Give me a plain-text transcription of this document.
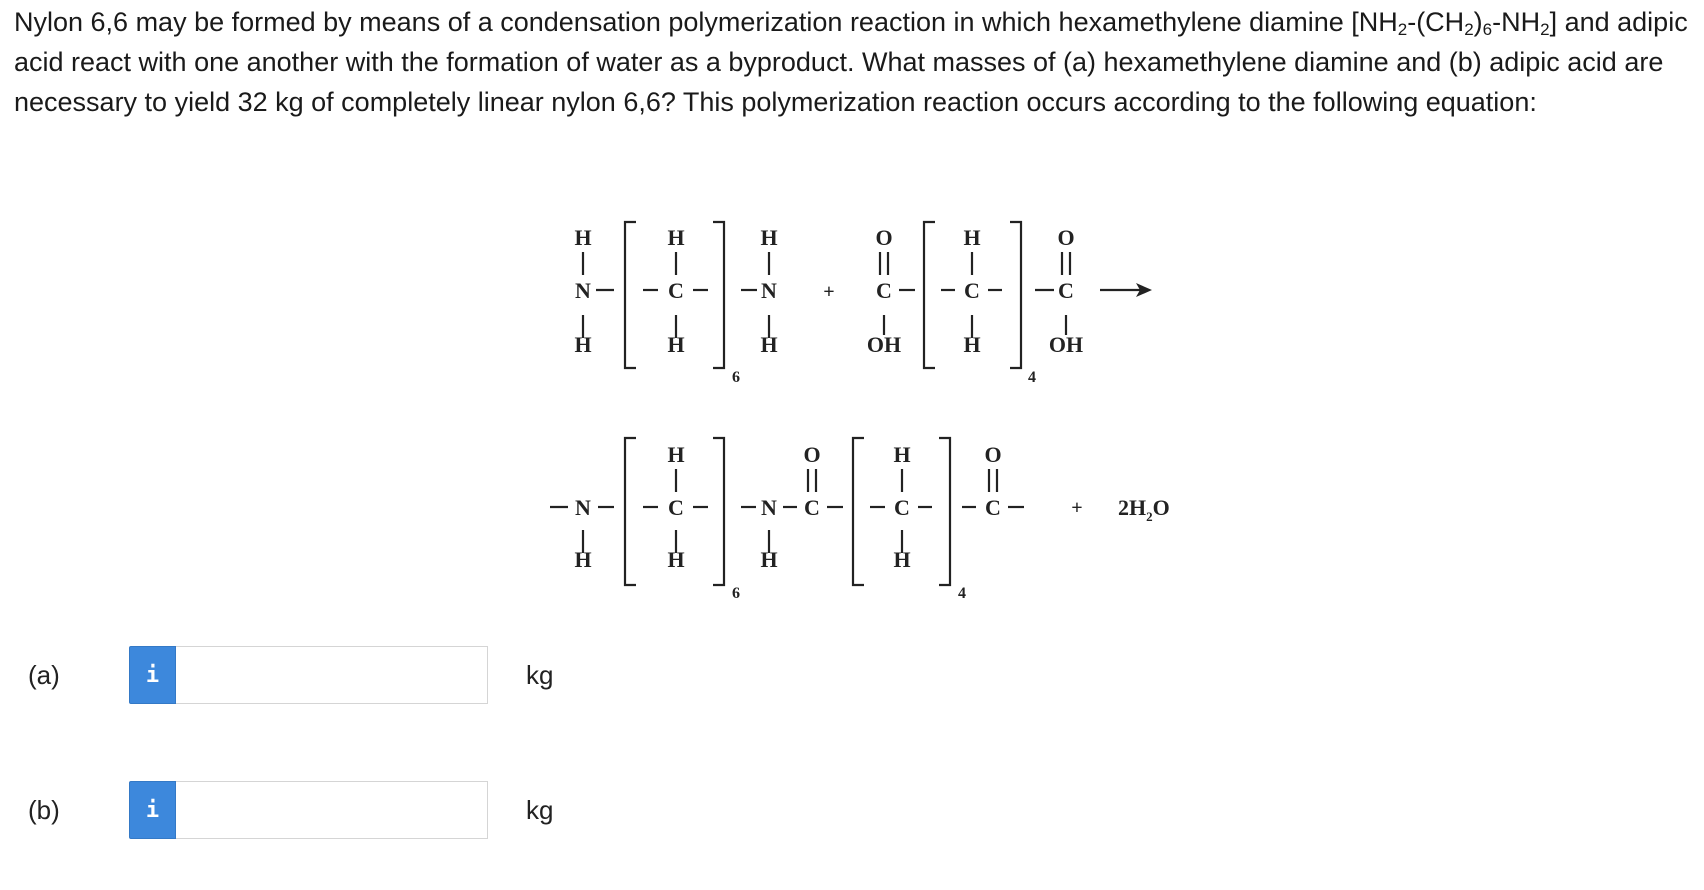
Nylon 6,6 may be formed by means of a condensation polymerization reaction in which hexamethylene diamine $[NH_2-(CH_2)_6-NH_2]$ and adipic acid react with one another with the formation of water as a byproduct. What masses of (a) hexamethylene diamine and (b) adipic acid are necessary to yield 32 kg of completely linear nylon 6,6? This polymerization reaction occurs according to the following equation:

H
N
H
H
C
H
6
H
N
H
+
O
C
OH
H
C
H
4
O
C
OH
N
H
H
C
H
6
N
H
O
C
H
C
H
4
O
C	+ $2H_2O$
(a)	i	kg
(b)	i	kg
